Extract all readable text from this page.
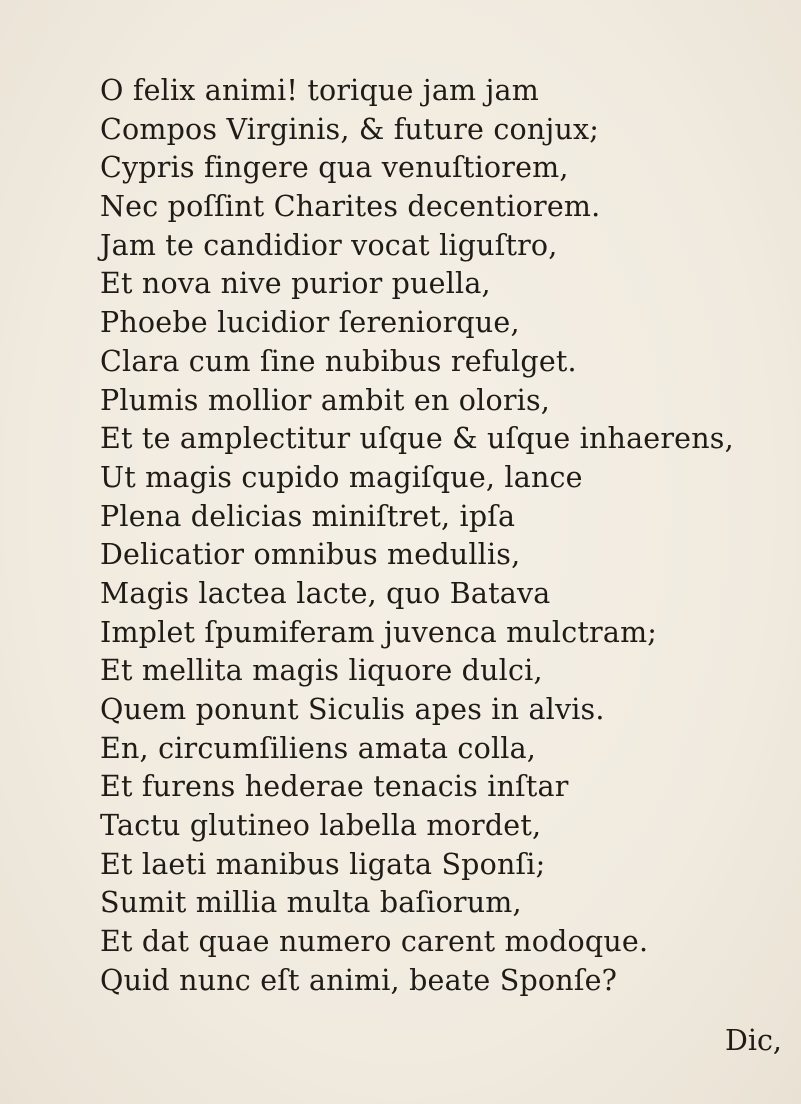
O felix animi! torique jam jam
Compos Virginis, & future conjux;
Cypris fingere qua venuſtiorem,
Nec poſſint Charites decentiorem.
Jam te candidior vocat liguſtro,
Et nova nive purior puella,
Phoebe lucidior ſereniorque,
Clara cum ſine nubibus refulget.
Plumis mollior ambit en oloris,
Et te amplectitur uſque & uſque inhaerens,
Ut magis cupido magiſque, lance
Plena delicias miniſtret, ipſa
Delicatior omnibus medullis,
Magis lactea lacte, quo Batava
Implet ſpumiferam juvenca mulctram;
Et mellita magis liquore dulci,
Quem ponunt Siculis apes in alvis.
En, circumſiliens amata colla,
Et furens hederae tenacis inſtar
Tactu glutineo labella mordet,
Et laeti manibus ligata Sponſi;
Sumit millia multa baſiorum,
Et dat quae numero carent modoque.
Quid nunc eſt animi, beate Sponſe?
Dic,
